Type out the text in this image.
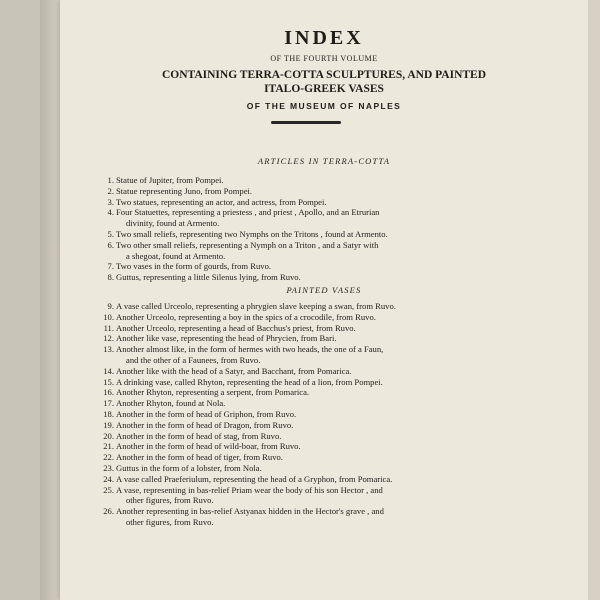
INDEX
OF THE FOURTH VOLUME
CONTAINING TERRA-COTTA SCULPTURES, AND PAINTED
ITALO-GREEK VASES
OF THE MUSEUM OF NAPLES
ARTICLES IN TERRA-COTTA
1. Statue of Jupiter, from Pompei.
2. Statue representing Juno, from Pompei.
3. Two statues, representing an actor, and actress, from Pompei.
4. Four Statuettes, representing a priestess , and priest , Apollo, and an Etrurian
divinity, found at Armento.
5. Two small reliefs, representing two Nymphs on the Tritons , found at Armento.
6. Two other small reliefs, representing a Nymph on a Triton , and a Satyr with
a shegoat, found at Armento.
7. Two vases in the form of gourds, from Ruvo.
8. Guttus, representing a little Silenus lying, from Ruvo.
PAINTED VASES
9. A vase called Urceolo, representing a phrygien slave keeping a swan, from Ruvo.
10. Another Urceolo, representing a boy in the spics of a crocodile, from Ruvo.
11. Another Urceolo, representing a head of Bacchus's priest, from Ruvo.
12. Another like vase, representing the head of Phrycien, from Bari.
13. Another almost like, in the form of hermes with two heads, the one of a Faun,
and the other of a Faunees, from Ruvo.
14. Another like with the head of a Satyr, and Bacchant, from Pomarica.
15. A drinking vase, called Rhyton, representing the head of a lion, from Pompei.
16. Another Rhyton, representing a serpent, from Pomarica.
17. Another Rhyton, found at Nola.
18. Another in the form of head of Griphon, from Ruvo.
19. Another in the form of head of Dragon, from Ruvo.
20. Another in the form of head of stag, from Ruvo.
21. Another in the form of head of wild-boar, from Ruvo.
22. Another in the form of head of tiger, from Ruvo.
23. Guttus in the form of a lobster, from Nola.
24. A vase called Praeferiulum, representing the head of a Gryphon, from Pomarica.
25. A vase, representing in bas-relief Priam wear the body of his son Hector , and
other figures, from Ruvo.
26. Another representing in bas-relief Astyanax hidden in the Hector's grave , and
other figures, from Ruvo.
